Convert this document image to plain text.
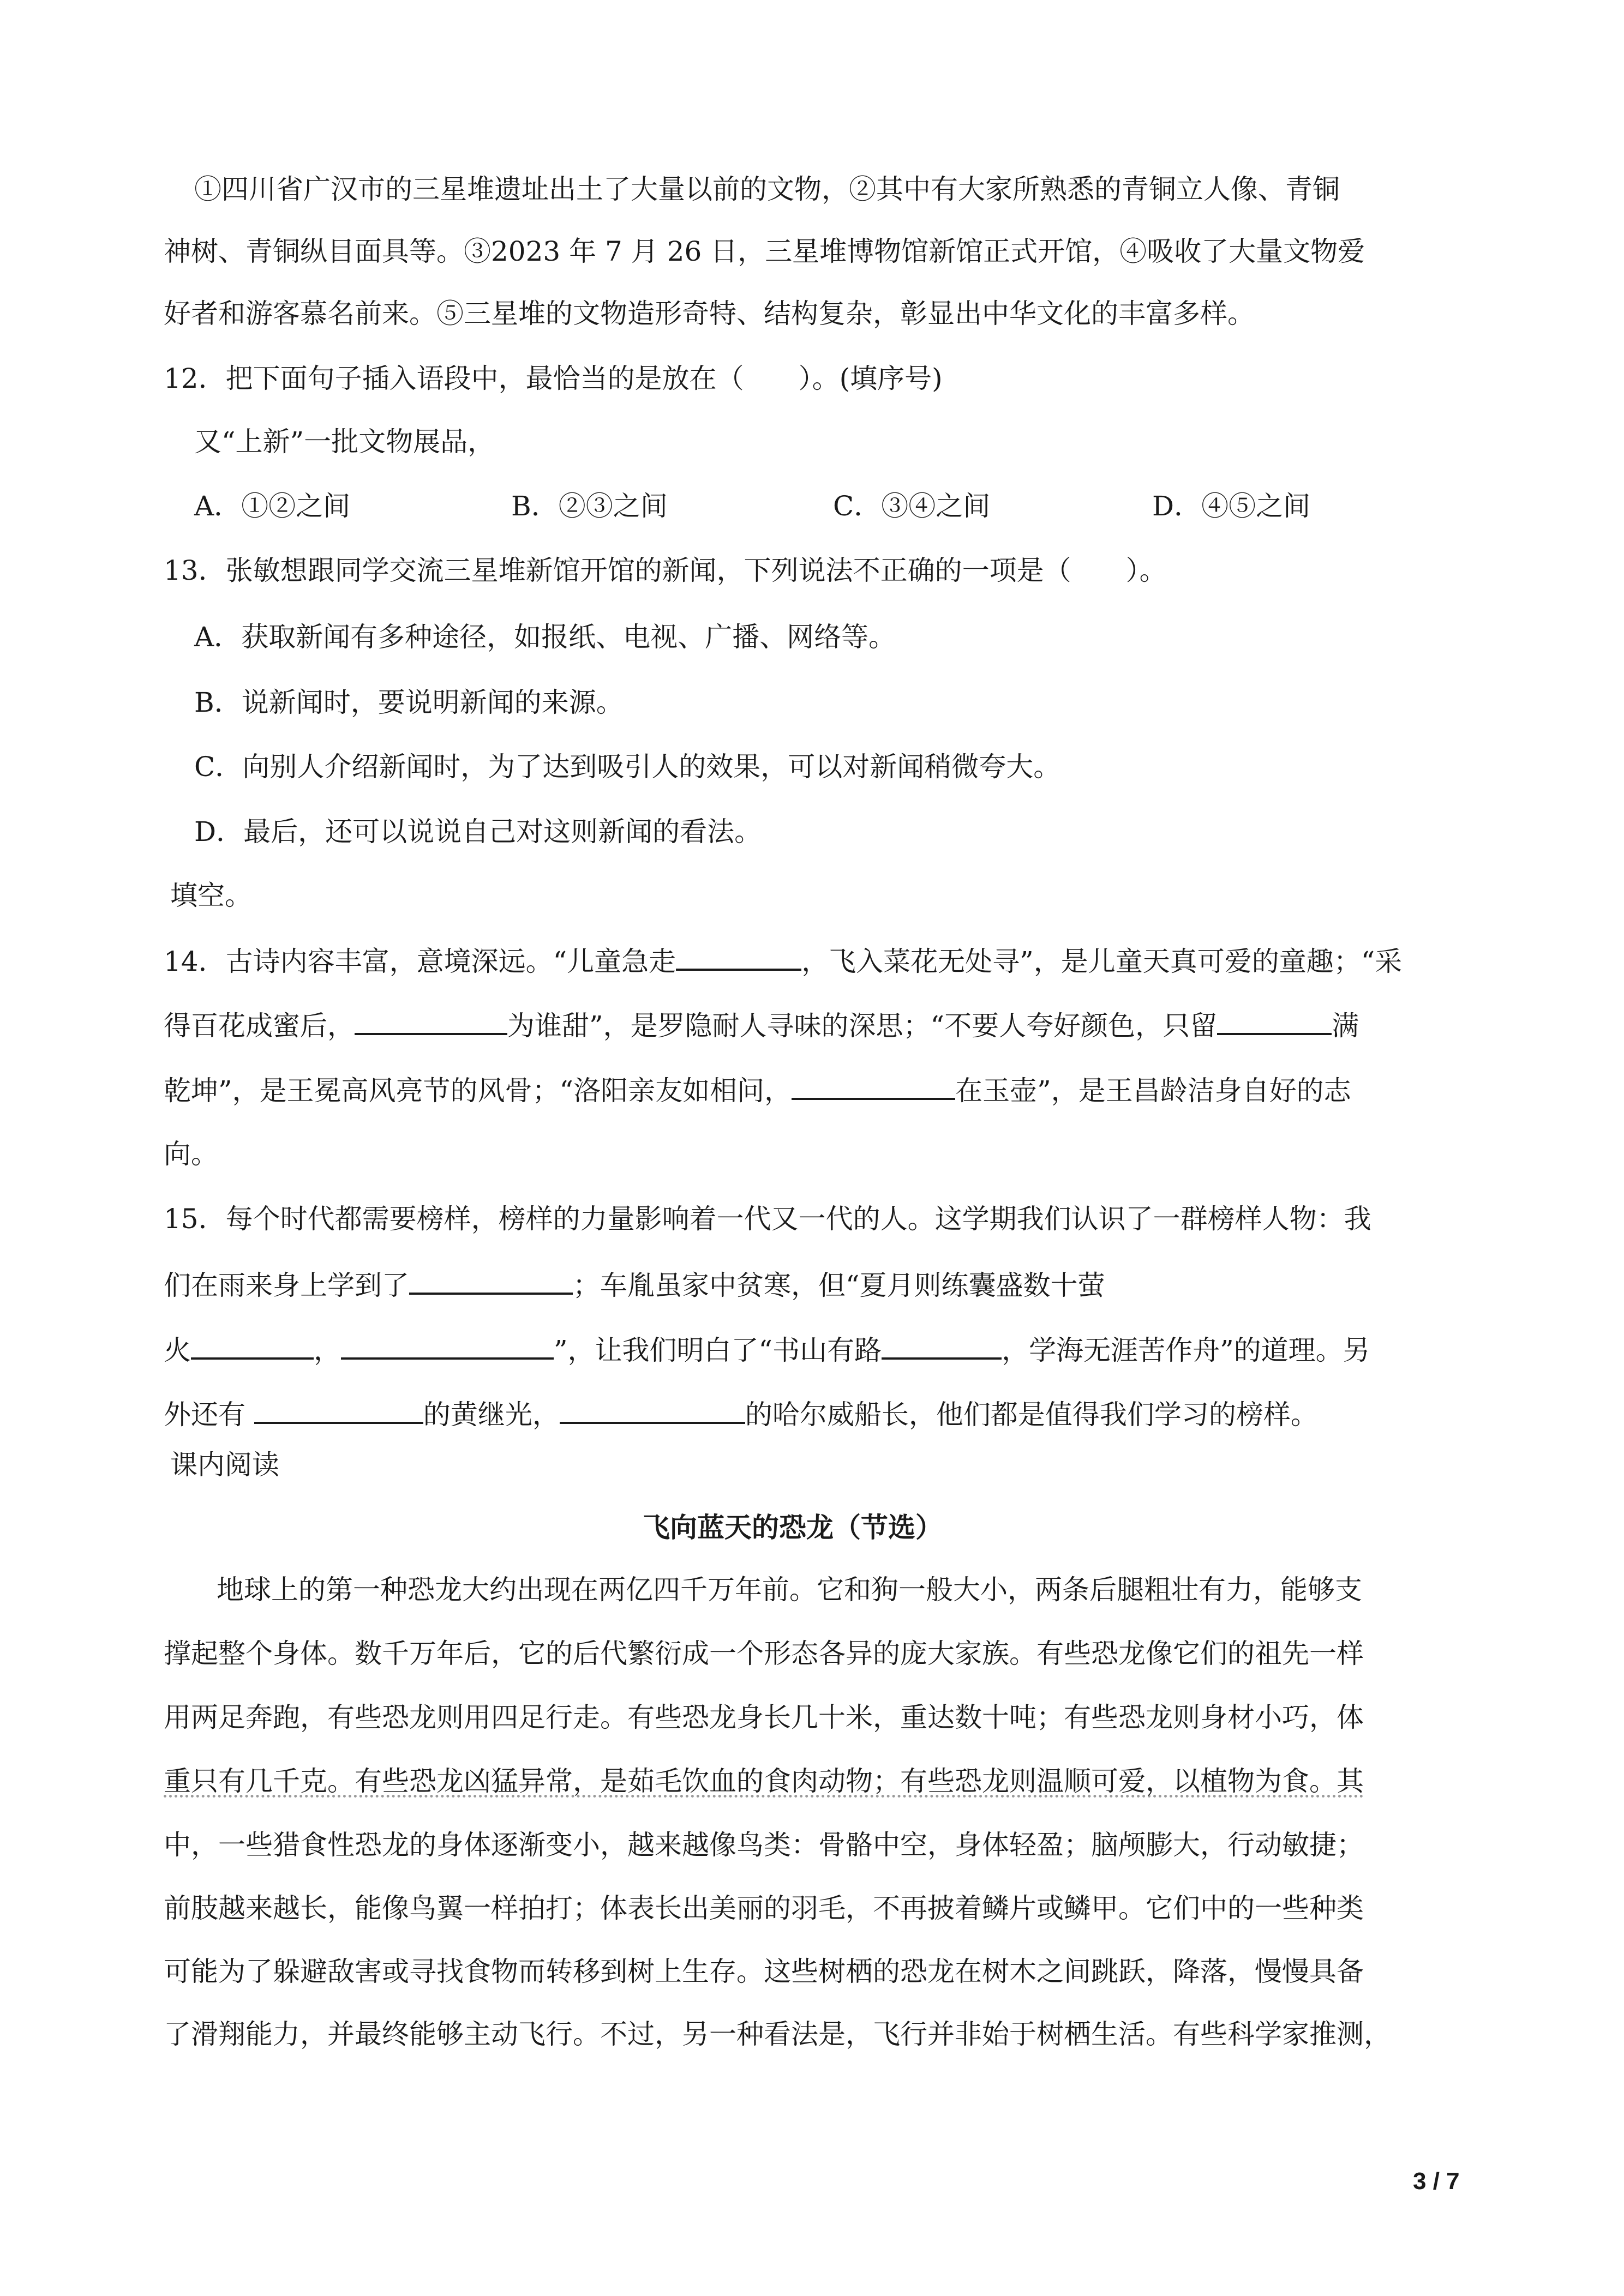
①四川省广汉市的三星堆遗址出土了大量以前的文物，②其中有大家所熟悉的青铜立人像、青铜
神树、青铜纵目面具等。③2023 年 7 月 26 日，三星堆博物馆新馆正式开馆，④吸收了大量文物爱
好者和游客慕名前来。⑤三星堆的文物造形奇特、结构复杂，彰显出中华文化的丰富多样。
12．把下面句子插入语段中，最恰当的是放在（　　）。(填序号)
又“上新”一批文物展品，
A．①②之间	B．②③之间	C．③④之间	D．④⑤之间
13．张敏想跟同学交流三星堆新馆开馆的新闻，下列说法不正确的一项是（　　）。
A．获取新闻有多种途径，如报纸、电视、广播、网络等。
B．说新闻时，要说明新闻的来源。
C．向别人介绍新闻时，为了达到吸引人的效果，可以对新闻稍微夸大。
D．最后，还可以说说自己对这则新闻的看法。
填空。
14．古诗内容丰富，意境深远。“儿童急走	，飞入菜花无处寻”，是儿童天真可爱的童趣；“采
得百花成蜜后，	为谁甜”，是罗隐耐人寻味的深思；“不要人夸好颜色，只留	满
乾坤”，是王冕高风亮节的风骨；“洛阳亲友如相问，	在玉壶”，是王昌龄洁身自好的志
向。
15．每个时代都需要榜样，榜样的力量影响着一代又一代的人。这学期我们认识了一群榜样人物：我
们在雨来身上学到了	；车胤虽家中贫寒，但“夏月则练囊盛数十萤
火	，	”，让我们明白了“书山有路	，学海无涯苦作舟”的道理。另
外还有	的黄继光，	的哈尔威船长，他们都是值得我们学习的榜样。
课内阅读
飞向蓝天的恐龙（节选）
地球上的第一种恐龙大约出现在两亿四千万年前。它和狗一般大小，两条后腿粗壮有力，能够支
撑起整个身体。数千万年后，它的后代繁衍成一个形态各异的庞大家族。有些恐龙像它们的祖先一样
用两足奔跑，有些恐龙则用四足行走。有些恐龙身长几十米，重达数十吨；有些恐龙则身材小巧，体
重只有几千克。有些恐龙凶猛异常，是茹毛饮血的食肉动物；有些恐龙则温顺可爱，以植物为食。其
中，一些猎食性恐龙的身体逐渐变小，越来越像鸟类：骨骼中空，身体轻盈；脑颅膨大，行动敏捷；
前肢越来越长，能像鸟翼一样拍打；体表长出美丽的羽毛，不再披着鳞片或鳞甲。它们中的一些种类
可能为了躲避敌害或寻找食物而转移到树上生存。这些树栖的恐龙在树木之间跳跃，降落，慢慢具备
了滑翔能力，并最终能够主动飞行。不过，另一种看法是，飞行并非始于树栖生活。有些科学家推测，
3 / 7
